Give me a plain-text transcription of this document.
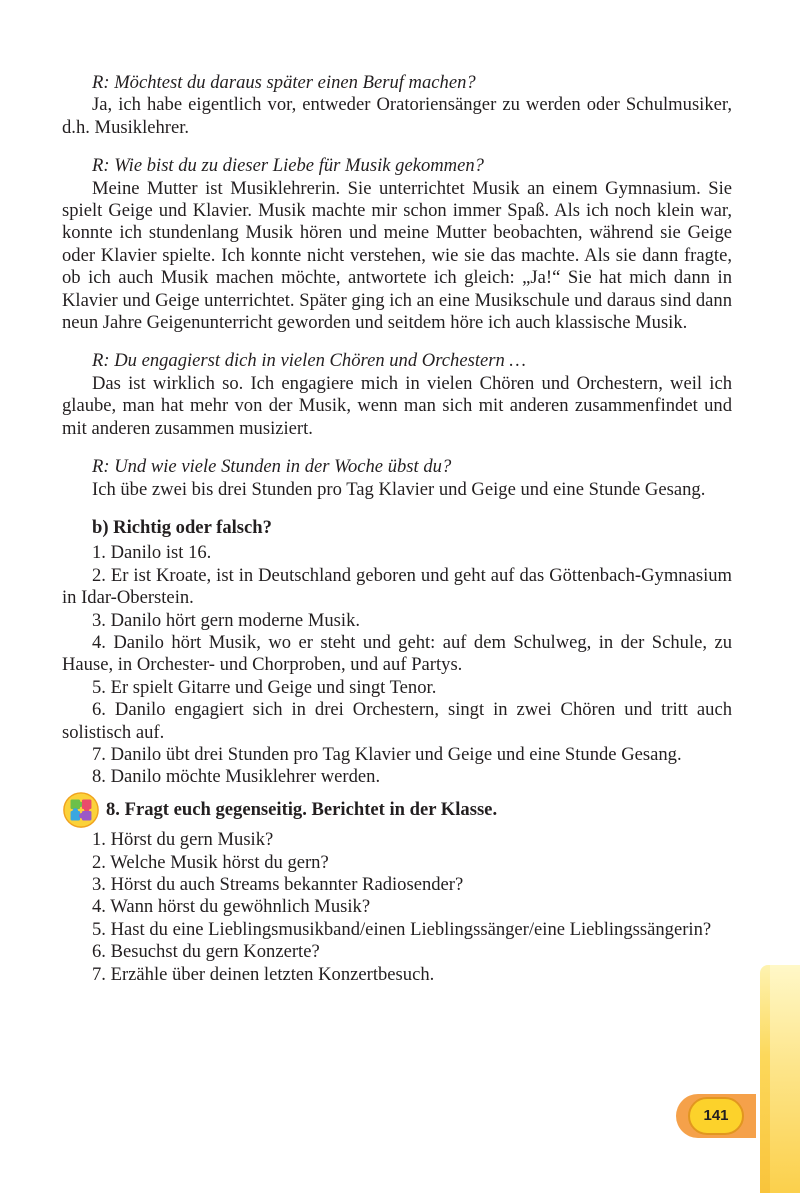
R: Möchtest du daraus später einen Beruf machen?
Ja, ich habe eigentlich vor, entweder Oratoriensänger zu werden oder Schulmusiker, d.h. Musiklehrer.
R: Wie bist du zu dieser Liebe für Musik gekommen?
Meine Mutter ist Musiklehrerin. Sie unterrichtet Musik an einem Gymnasium. Sie spielt Geige und Klavier. Musik machte mir schon immer Spaß. Als ich noch klein war, konnte ich stundenlang Musik hören und meine Mutter beobachten, während sie Geige oder Klavier spielte. Ich konnte nicht verstehen, wie sie das machte. Als sie dann fragte, ob ich auch Musik machen möchte, antwortete ich gleich: „Ja!“ Sie hat mich dann in Klavier und Geige unterrichtet. Später ging ich an eine Musikschule und daraus sind dann neun Jahre Geigenunterricht geworden und seitdem höre ich auch klassische Musik.
R: Du engagierst dich in vielen Chören und Orchestern …
Das ist wirklich so. Ich engagiere mich in vielen Chören und Orchestern, weil ich glaube, man hat mehr von der Musik, wenn man sich mit anderen zusammenfindet und mit anderen zusammen musiziert.
R: Und wie viele Stunden in der Woche übst du?
Ich übe zwei bis drei Stunden pro Tag Klavier und Geige und eine Stunde Gesang.
b) Richtig oder falsch?
1. Danilo ist 16.
2. Er ist Kroate, ist in Deutschland geboren und geht auf das Göttenbach-Gymnasium in Idar-Oberstein.
3. Danilo hört gern moderne Musik.
4. Danilo hört Musik, wo er steht und geht: auf dem Schulweg, in der Schule, zu Hause, in Orchester- und Chorproben, und auf Partys.
5. Er spielt Gitarre und Geige und singt Tenor.
6. Danilo engagiert sich in drei Orchestern, singt in zwei Chören und tritt auch solistisch auf.
7. Danilo übt drei Stunden pro Tag Klavier und Geige und eine Stunde Gesang.
8. Danilo möchte Musiklehrer werden.
8. Fragt euch gegenseitig. Berichtet in der Klasse.
1. Hörst du gern Musik?
2. Welche Musik hörst du gern?
3. Hörst du auch Streams bekannter Radiosender?
4. Wann hörst du gewöhnlich Musik?
5. Hast du eine Lieblingsmusikband/einen Lieblingssänger/eine Lieblingssängerin?
6. Besuchst du gern Konzerte?
7. Erzähle über deinen letzten Konzertbesuch.
141
